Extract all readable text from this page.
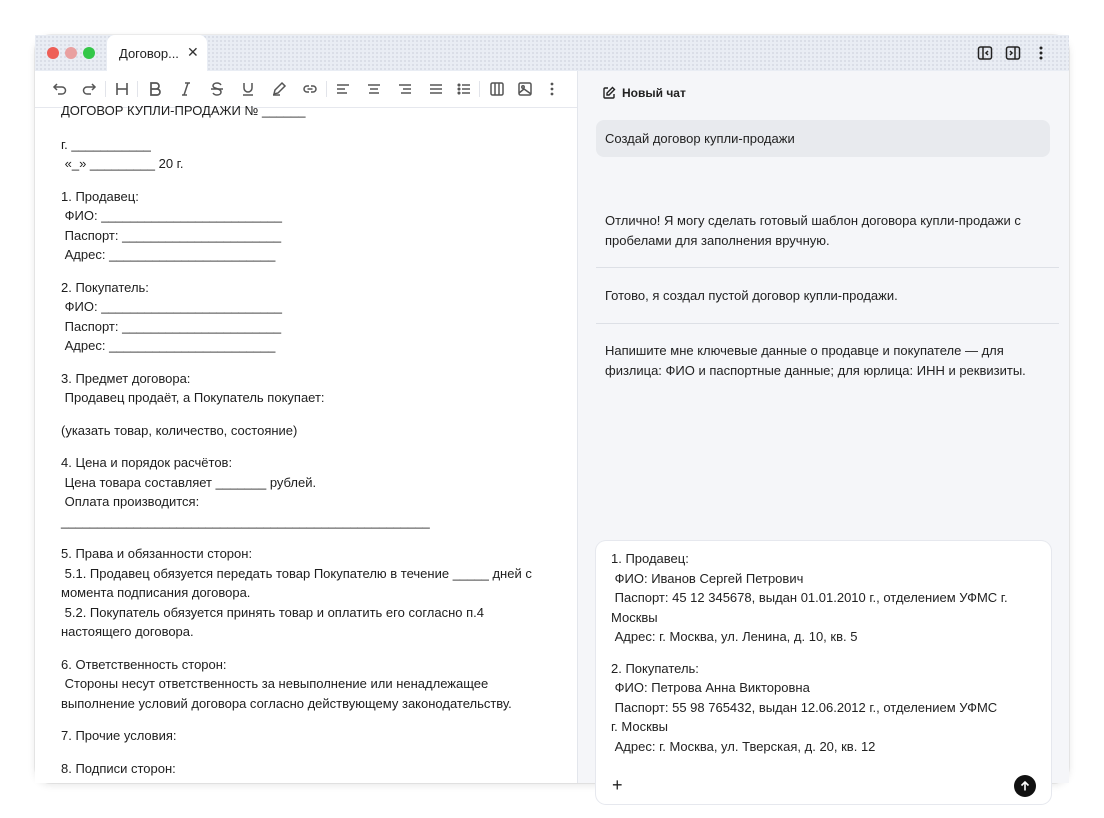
Договор... ✕

ДОГОВОР КУПЛИ-ПРОДАЖИ № ______

г. ___________
«_» _________ 20 г.

1. Продавец:
ФИО: _________________________
Паспорт: ______________________
Адрес: _______________________

2. Покупатель:
ФИО: _________________________
Паспорт: ______________________
Адрес: _______________________

3. Предмет договора:
Продавец продаёт, а Покупатель покупает:

(указать товар, количество, состояние)

4. Цена и порядок расчётов:
Цена товара составляет _______ рублей.
Оплата производится: ___________________________________________________

5. Права и обязанности сторон:
5.1. Продавец обязуется передать товар Покупателю в течение _____ дней с
момента подписания договора.
5.2. Покупатель обязуется принять товар и оплатить его согласно п.4
настоящего договора.

6. Ответственность сторон:
Стороны несут ответственность за невыполнение или ненадлежащее
выполнение условий договора согласно действующему законодательству.

7. Прочие условия:

8. Подписи сторон:

Новый чат
Создай договор купли-продажи
Отлично! Я могу сделать готовый шаблон договора купли-продажи с
пробелами для заполнения вручную.
Готово, я создал пустой договор купли-продажи.
Напишите мне ключевые данные о продавце и покупателе — для
физлица: ФИО и паспортные данные; для юрлица: ИНН и реквизиты.

1. Продавец:
ФИО: Иванов Сергей Петрович
Паспорт: 45 12 345678, выдан 01.01.2010 г., отделением УФМС г.
Москвы
Адрес: г. Москва, ул. Ленина, д. 10, кв. 5

2. Покупатель:
ФИО: Петрова Анна Викторовна
Паспорт: 55 98 765432, выдан 12.06.2012 г., отделением УФМС
г. Москвы
Адрес: г. Москва, ул. Тверская, д. 20, кв. 12

+
